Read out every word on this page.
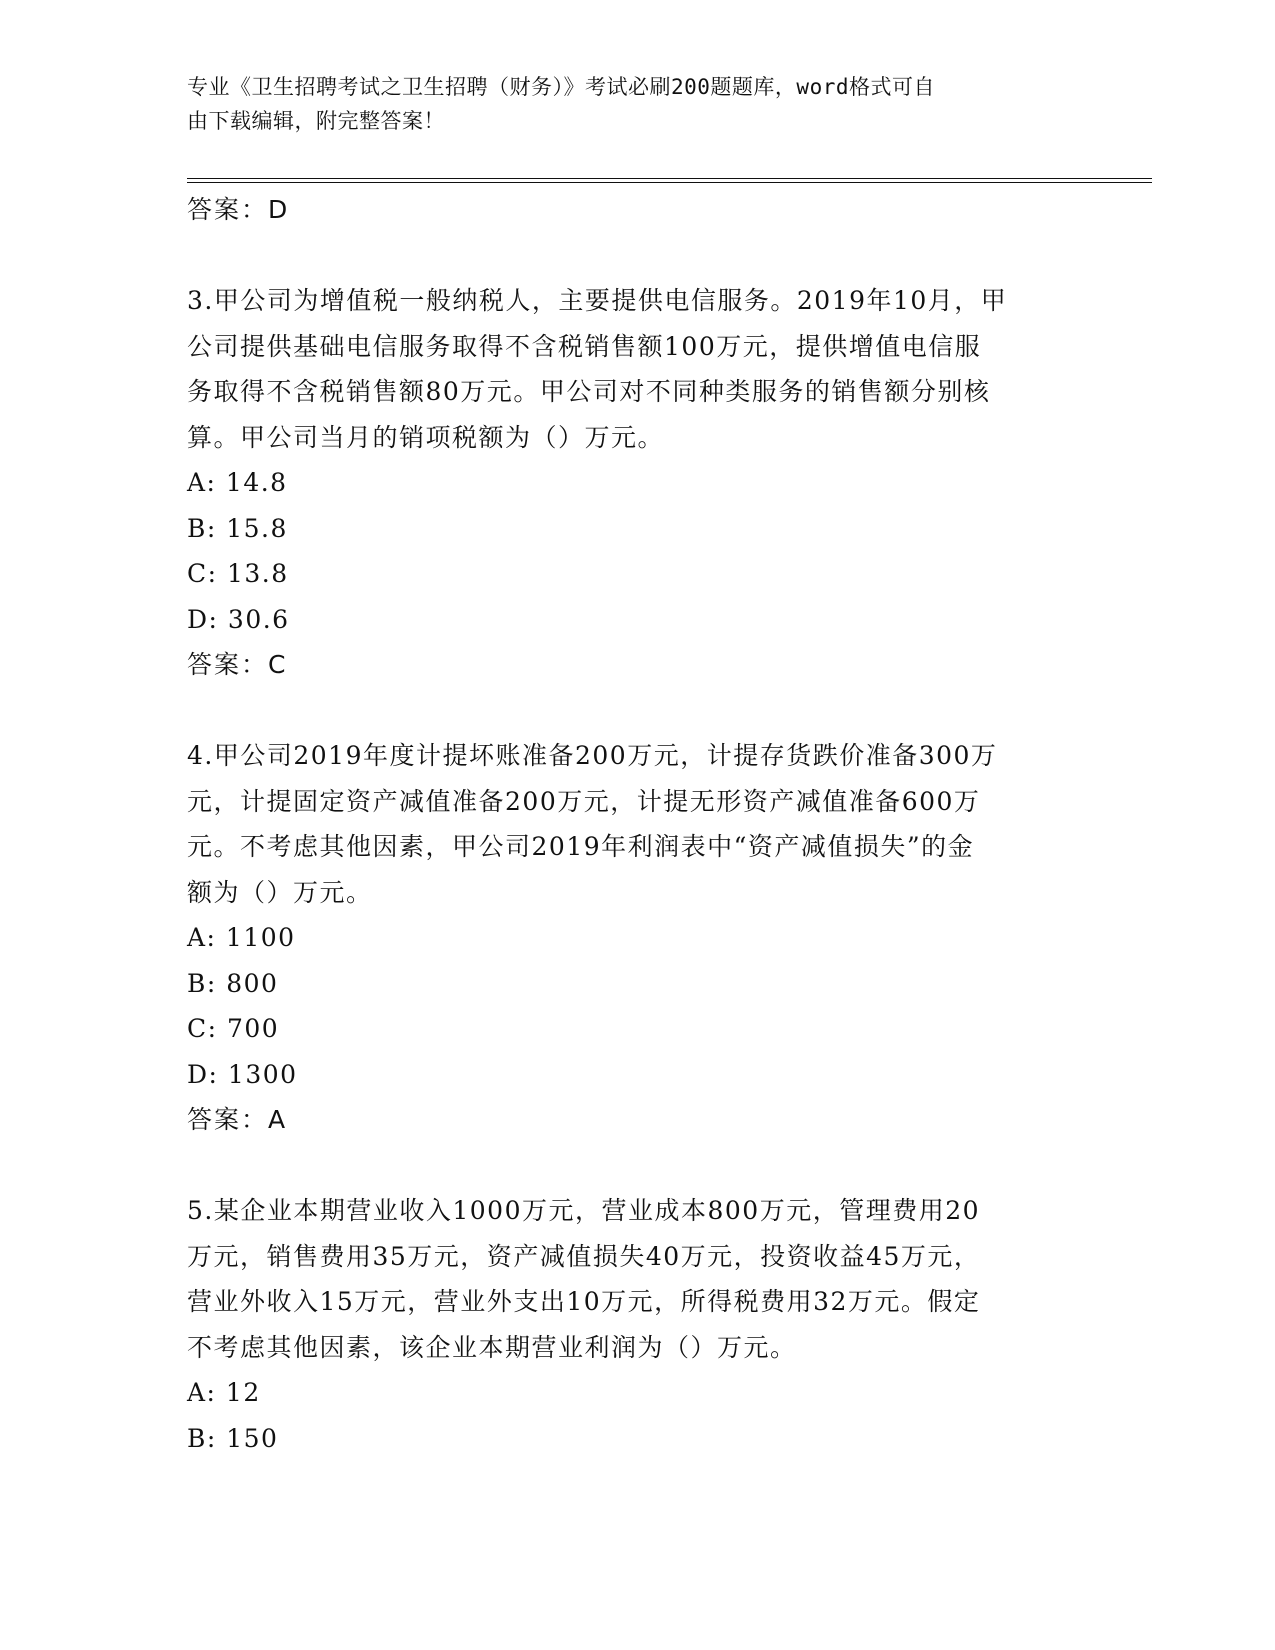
专业《卫生招聘考试之卫生招聘（财务）》考试必刷200题题库，word格式可自

由下载编辑，附完整答案！

答案：D

3.甲公司为增值税一般纳税人，主要提供电信服务。2019年10月，甲

公司提供基础电信服务取得不含税销售额100万元，提供增值电信服

务取得不含税销售额80万元。甲公司对不同种类服务的销售额分别核

算。甲公司当月的销项税额为（）万元。

A: 14.8

B: 15.8

C: 13.8

D: 30.6

答案：C

4.甲公司2019年度计提坏账准备200万元，计提存货跌价准备300万

元，计提固定资产减值准备200万元，计提无形资产减值准备600万

元。不考虑其他因素，甲公司2019年利润表中“资产减值损失”的金

额为（）万元。

A: 1100

B: 800

C: 700

D: 1300

答案：A

5.某企业本期营业收入1000万元，营业成本800万元，管理费用20

万元，销售费用35万元，资产减值损失40万元，投资收益45万元，

营业外收入15万元，营业外支出10万元，所得税费用32万元。假定

不考虑其他因素，该企业本期营业利润为（）万元。

A: 12

B: 150
